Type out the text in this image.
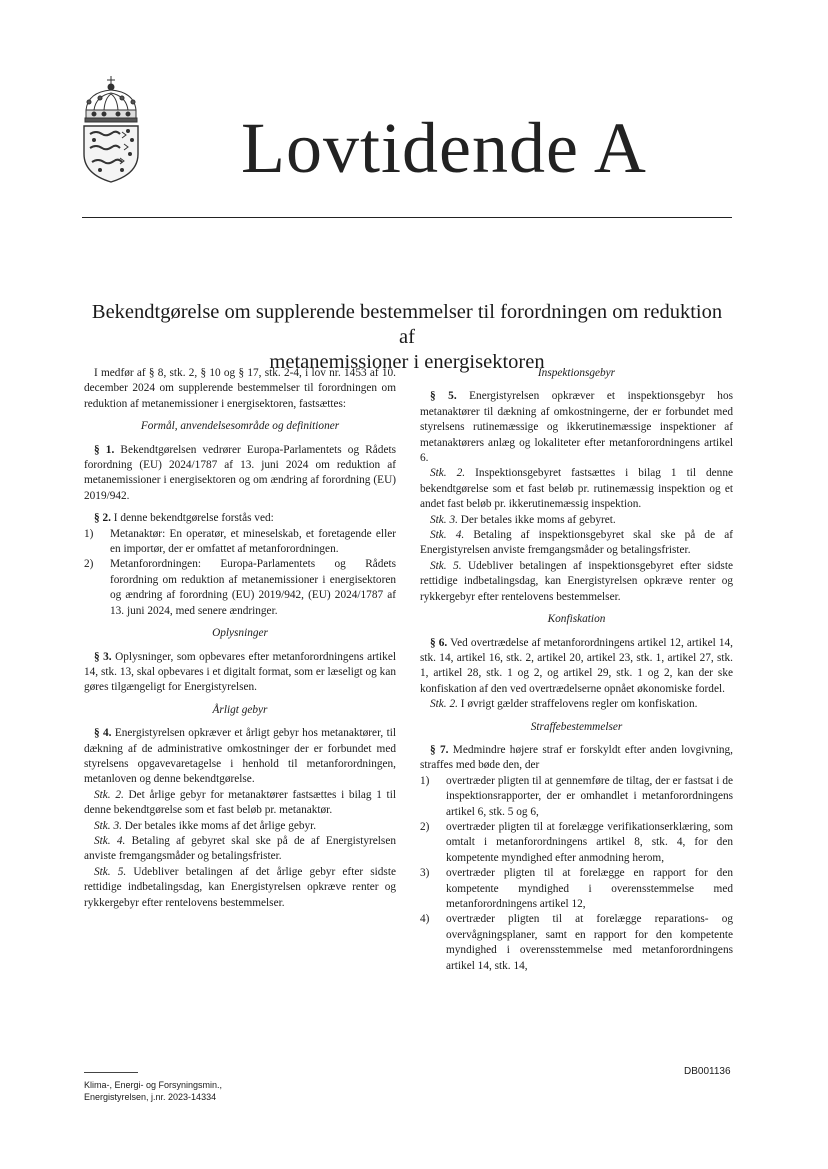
Lovtidende A
Bekendtgørelse om supplerende bestemmelser til forordningen om reduktion af
metanemissioner i energisektoren

I medfør af § 8, stk. 2, § 10 og § 17, stk. 2-4, i lov nr. 1453 af 10. december 2024 om supplerende bestemmelser til forordningen om reduktion af metanemissioner i energisektoren, fastsættes:

Formål, anvendelsesområde og definitioner

§ 1. Bekendtgørelsen vedrører Europa-Parlamentets og Rådets forordning (EU) 2024/1787 af 13. juni 2024 om reduktion af metanemissioner i energisektoren og om ændring af forordning (EU) 2019/942.

§ 2. I denne bekendtgørelse forstås ved:

1)	Metanaktør: En operatør, et mineselskab, et foretagende eller en importør, der er omfattet af metanforordningen.
2)	Metanforordningen: Europa-Parlamentets og Rådets forordning om reduktion af metanemissioner i energisektoren og ændring af forordning (EU) 2019/942, (EU) 2024/1787 af 13. juni 2024, med senere ændringer.
Oplysninger

§ 3. Oplysninger, som opbevares efter metanforordningens artikel 14, stk. 13, skal opbevares i et digitalt format, som er læseligt og kan gøres tilgængeligt for Energistyrelsen.

Årligt gebyr

§ 4. Energistyrelsen opkræver et årligt gebyr hos metanaktører, til dækning af de administrative omkostninger der er forbundet med styrelsens opgavevaretagelse i henhold til metanforordningen, metanloven og denne bekendtgørelse.

Stk. 2. Det årlige gebyr for metanaktører fastsættes i bilag 1 til denne bekendtgørelse som et fast beløb pr. metanaktør.

Stk. 3. Der betales ikke moms af det årlige gebyr.

Stk. 4. Betaling af gebyret skal ske på de af Energistyrelsen anviste fremgangsmåder og betalingsfrister.

Stk. 5. Udebliver betalingen af det årlige gebyr efter sidste rettidige indbetalingsdag, kan Energistyrelsen opkræve renter og rykkergebyr efter rentelovens bestemmelser.

Inspektionsgebyr

§ 5. Energistyrelsen opkræver et inspektionsgebyr hos metanaktører til dækning af omkostningerne, der er forbundet med styrelsens rutinemæssige og ikkerutinemæssige inspektioner af metanaktørers anlæg og lokaliteter efter metanforordningens artikel 6.

Stk. 2. Inspektionsgebyret fastsættes i bilag 1 til denne bekendtgørelse som et fast beløb pr. rutinemæssig inspektion og et andet fast beløb pr. ikkerutinemæssig inspektion.

Stk. 3. Der betales ikke moms af gebyret.

Stk. 4. Betaling af inspektionsgebyret skal ske på de af Energistyrelsen anviste fremgangsmåder og betalingsfrister.

Stk. 5. Udebliver betalingen af inspektionsgebyret efter sidste rettidige indbetalingsdag, kan Energistyrelsen opkræve renter og rykkergebyr efter rentelovens bestemmelser.

Konfiskation

§ 6. Ved overtrædelse af metanforordningens artikel 12, artikel 14, stk. 14, artikel 16, stk. 2, artikel 20, artikel 23, stk. 1, artikel 27, stk. 1, artikel 28, stk. 1 og 2, og artikel 29, stk. 1 og 2, kan der ske konfiskation af den ved overtrædelserne opnået økonomiske fordel.

Stk. 2. I øvrigt gælder straffelovens regler om konfiskation.

Straffebestemmelser

§ 7. Medmindre højere straf er forskyldt efter anden lovgivning, straffes med bøde den, der

1)	overtræder pligten til at gennemføre de tiltag, der er fastsat i de inspektionsrapporter, der er omhandlet i metanforordningens artikel 6, stk. 5 og 6,
2)	overtræder pligten til at forelægge verifikationserklæring, som omtalt i metanforordningens artikel 8, stk. 4, for den kompetente myndighed efter anmodning herom,
3)	overtræder pligten til at forelægge en rapport for den kompetente myndighed i overensstemmelse med metanforordningens artikel 12,
4)	overtræder pligten til at forelægge reparations- og overvågningsplaner, samt en rapport for den kompetente myndighed i overensstemmelse med metanforordningens artikel 14, stk. 14,
DB001136
Klima-, Energi- og Forsyningsmin.,
Energistyrelsen, j.nr. 2023-14334
